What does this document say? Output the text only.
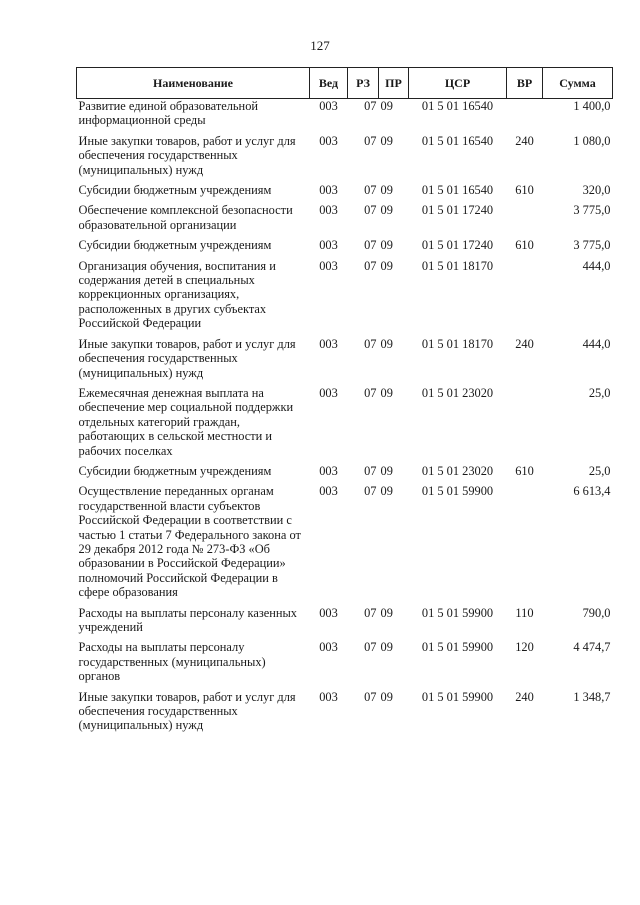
127
Наименование	Вед	РЗ	ПР	ЦСР	ВР	Сумма
Развитие единой образовательной информационной среды	003	07	09	01 5 01 16540		1 400,0
Иные закупки товаров, работ и услуг для обеспечения государственных (муниципальных) нужд	003	07	09	01 5 01 16540	240	1 080,0
Субсидии бюджетным учреждениям	003	07	09	01 5 01 16540	610	320,0
Обеспечение комплексной безопасности образовательной организации	003	07	09	01 5 01 17240		3 775,0
Субсидии бюджетным учреждениям	003	07	09	01 5 01 17240	610	3 775,0
Организация обучения, воспитания и содержания детей в специальных коррекционных организациях, расположенных в других субъектах Российской Федерации	003	07	09	01 5 01 18170		444,0
Иные закупки товаров, работ и услуг для обеспечения государственных (муниципальных) нужд	003	07	09	01 5 01 18170	240	444,0
Ежемесячная денежная выплата на обеспечение мер социальной поддержки отдельных категорий граждан, работающих в сельской местности и рабочих поселках	003	07	09	01 5 01 23020		25,0
Субсидии бюджетным учреждениям	003	07	09	01 5 01 23020	610	25,0
Осуществление переданных органам государственной власти субъектов Российской Федерации в соответствии с частью 1 статьи 7 Федерального закона от 29 декабря 2012 года № 273-ФЗ «Об образовании в Российской Федерации» полномочий Российской Федерации в сфере образования	003	07	09	01 5 01 59900		6 613,4
Расходы на выплаты персоналу казенных учреждений	003	07	09	01 5 01 59900	110	790,0
Расходы на выплаты персоналу государственных (муниципальных) органов	003	07	09	01 5 01 59900	120	4 474,7
Иные закупки товаров, работ и услуг для обеспечения государственных (муниципальных) нужд	003	07	09	01 5 01 59900	240	1 348,7
